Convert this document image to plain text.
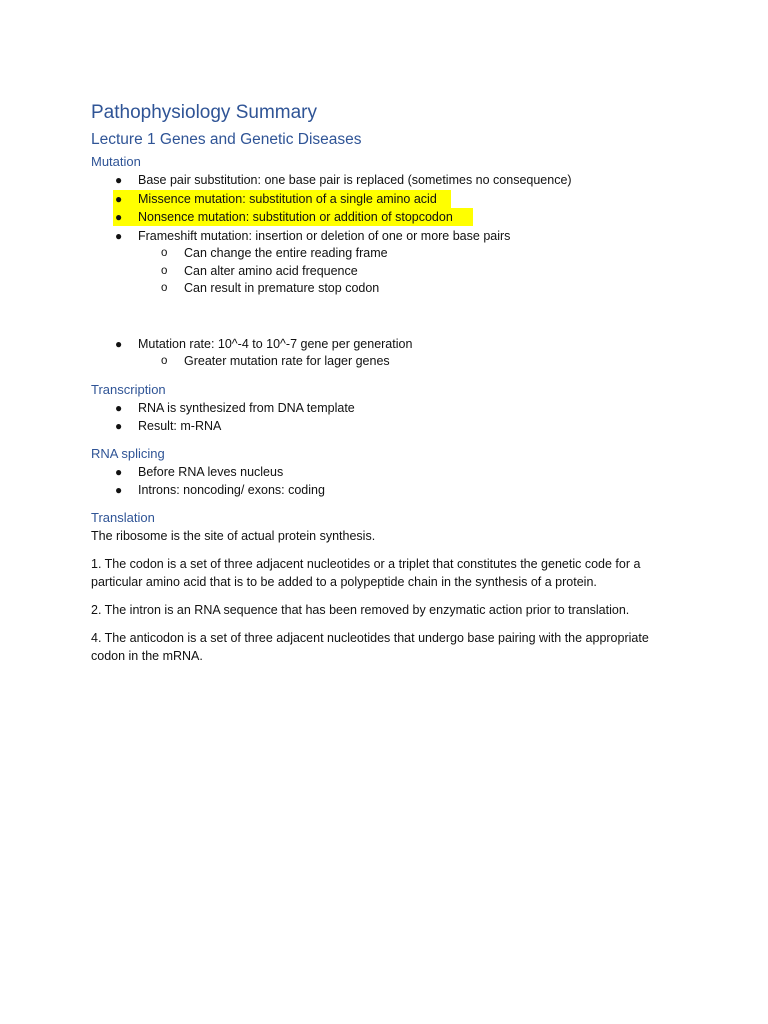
Pathophysiology Summary
Lecture 1 Genes and Genetic Diseases
Mutation
● Base pair substitution: one base pair is replaced (sometimes no consequence)
● Missence mutation: substitution of a single amino acid
● Nonsence mutation: substitution or addition of stopcodon
● Frameshift mutation: insertion or deletion of one or more base pairs
o Can change the entire reading frame
o Can alter amino acid frequence
o Can result in premature stop codon
● Mutation rate: 10^-4 to 10^-7 gene per generation
o Greater mutation rate for lager genes
Transcription
● RNA is synthesized from DNA template
● Result: m-RNA
RNA splicing
● Before RNA leves nucleus
● Introns: noncoding/ exons: coding
Translation

The ribosome is the site of actual protein synthesis.

1. The codon is a set of three adjacent nucleotides or a triplet that constitutes the genetic code for a particular amino acid that is to be added to a polypeptide chain in the synthesis of a protein.

2. The intron is an RNA sequence that has been removed by enzymatic action prior to translation.

4. The anticodon is a set of three adjacent nucleotides that undergo base pairing with the appropriate codon in the mRNA.
